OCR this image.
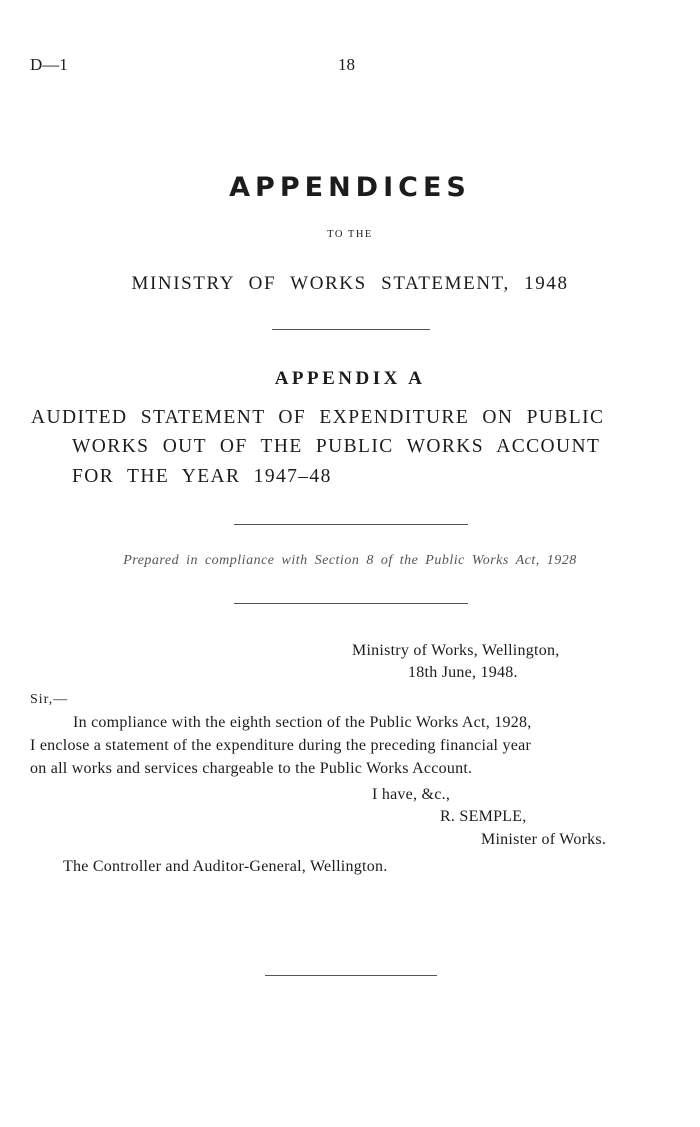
D—1	18
APPENDICES
TO THE
MINISTRY OF WORKS STATEMENT, 1948
APPENDIX A
AUDITED STATEMENT OF EXPENDITURE ON PUBLIC
WORKS OUT OF THE PUBLIC WORKS ACCOUNT
FOR THE YEAR 1947–48
Prepared in compliance with Section 8 of the Public Works Act, 1928
Ministry of Works, Wellington,
18th June, 1948.
Sir,—
In compliance with the eighth section of the Public Works Act, 1928,
I enclose a statement of the expenditure during the preceding financial year
on all works and services chargeable to the Public Works Account.
I have, &c.,
R. SEMPLE,
Minister of Works.
The Controller and Auditor-General, Wellington.
